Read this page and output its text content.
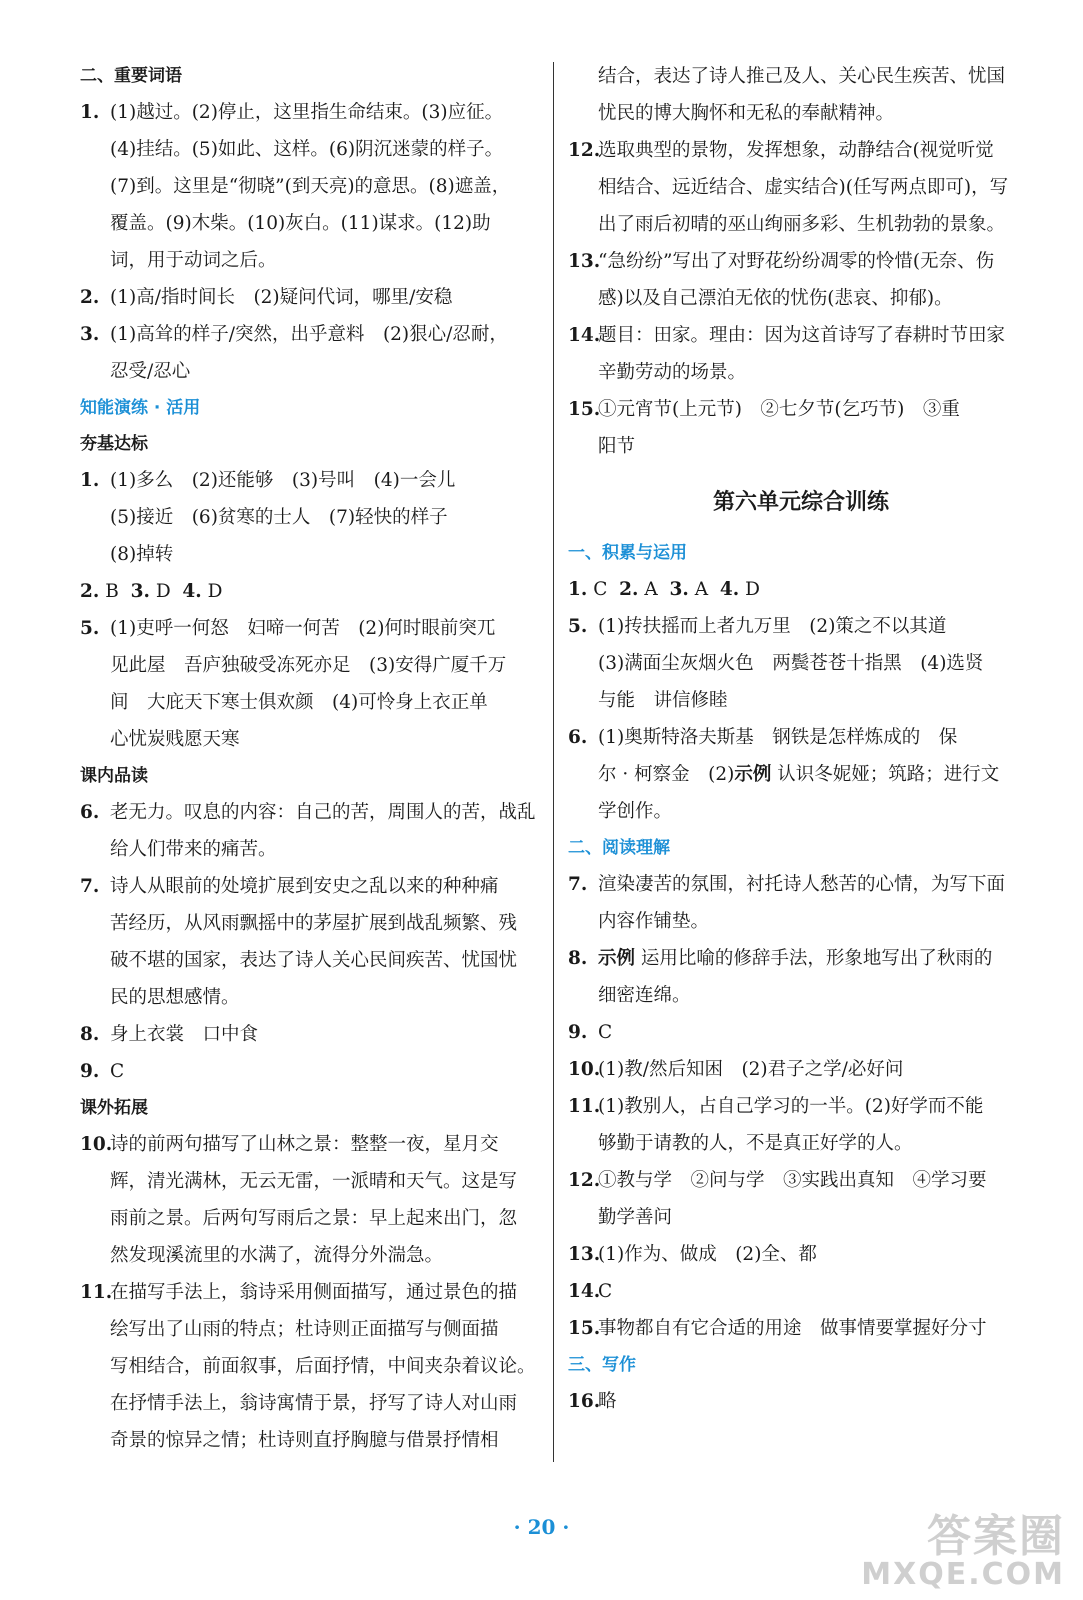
二、重要词语

1. (1)越过。(2)停止，这里指生命结束。(3)应征。
(4)挂结。(5)如此、这样。(6)阴沉迷蒙的样子。
(7)到。这里是“彻晓”(到天亮)的意思。(8)遮盖，
覆盖。(9)木柴。(10)灰白。(11)谋求。(12)助
词，用于动词之后。
2. (1)高/指时间长　(2)疑问代词，哪里/安稳
3. (1)高耸的样子/突然，出乎意料　(2)狠心/忍耐，
忍受/忍心

知能演练 · 活用

夯基达标

1. (1)多么　(2)还能够　(3)号叫　(4)一会儿
(5)接近　(6)贫寒的士人　(7)轻快的样子
(8)掉转

2. B 3. D 4. D

5. (1)吏呼一何怒　妇啼一何苦　(2)何时眼前突兀
见此屋　吾庐独破受冻死亦足　(3)安得广厦千万
间　大庇天下寒士俱欢颜　(4)可怜身上衣正单
心忧炭贱愿天寒

课内品读

6. 老无力。叹息的内容：自己的苦，周围人的苦，战乱
给人们带来的痛苦。
7. 诗人从眼前的处境扩展到安史之乱以来的种种痛
苦经历，从风雨飘摇中的茅屋扩展到战乱频繁、残
破不堪的国家，表达了诗人关心民间疾苦、忧国忧
民的思想感情。
8. 身上衣裳　口中食
9. C

课外拓展

10.
诗的前两句描写了山林之景：整整一夜，星月交
辉，清光满林，无云无雷，一派晴和天气。这是写
雨前之景。后两句写雨后之景：早上起来出门，忽
然发现溪流里的水满了，流得分外湍急。
11.
在描写手法上，翁诗采用侧面描写，通过景色的描
绘写出了山雨的特点；杜诗则正面描写与侧面描
写相结合，前面叙事，后面抒情，中间夹杂着议论。
在抒情手法上，翁诗寓情于景，抒写了诗人对山雨
奇景的惊异之情；杜诗则直抒胸臆与借景抒情相
结合，表达了诗人推己及人、关心民生疾苦、忧国
忧民的博大胸怀和无私的奉献精神。
12.
选取典型的景物，发挥想象，动静结合(视觉听觉
相结合、远近结合、虚实结合)(任写两点即可)，写
出了雨后初晴的巫山绚丽多彩、生机勃勃的景象。
13.
“急纷纷”写出了对野花纷纷凋零的怜惜(无奈、伤
感)以及自己漂泊无依的忧伤(悲哀、抑郁)。
14.
题目：田家。理由：因为这首诗写了春耕时节田家
辛勤劳动的场景。
15.
①元宵节(上元节)　②七夕节(乞巧节)　③重
阳节
第六单元综合训练

一、积累与运用

1. C 2. A 3. A 4. D

5. (1)抟扶摇而上者九万里　(2)策之不以其道
(3)满面尘灰烟火色　两鬓苍苍十指黑　(4)选贤
与能　讲信修睦
6. (1)奥斯特洛夫斯基　钢铁是怎样炼成的　保
尔 · 柯察金　(2)示例 认识冬妮娅；筑路；进行文
学创作。

二、阅读理解

7. 渲染凄苦的氛围，衬托诗人愁苦的心情，为写下面
内容作铺垫。
8. 示例 运用比喻的修辞手法，形象地写出了秋雨的
细密连绵。
9. C
10.
(1)教/然后知困　(2)君子之学/必好问
11.
(1)教别人，占自己学习的一半。(2)好学而不能
够勤于请教的人，不是真正好学的人。
12.
①教与学　②问与学　③实践出真知　④学习要
勤学善问
13.
(1)作为、做成　(2)全、都
14.
C
15.
事物都自有它合适的用途　做事情要掌握好分寸

三、写作

16.
略
· 20 ·	答案圈
MXQE.COM
